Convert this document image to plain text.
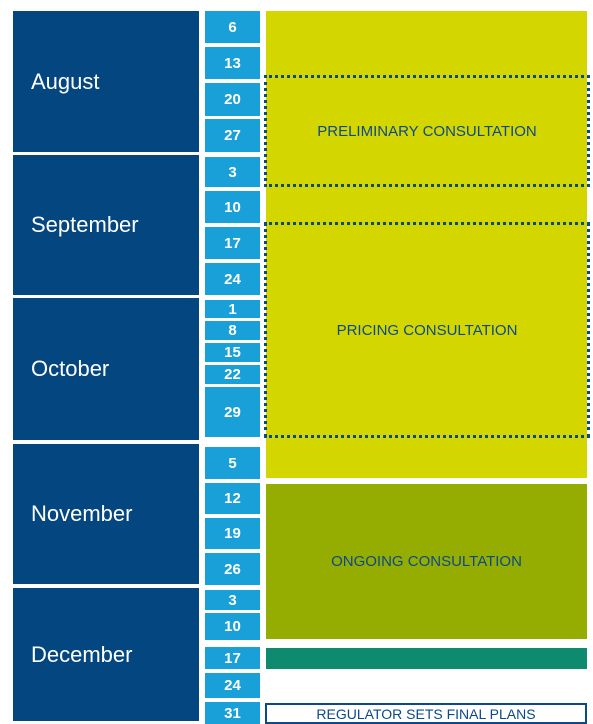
August
September
October
November
December
6
13
20
27
3
10
17
24
1
8
15
22
29
5
12
19
26
3
10
17
24
31
PRELIMINARY CONSULTATION
PRICING CONSULTATION
ONGOING CONSULTATION
REGULATOR SETS FINAL PLANS
